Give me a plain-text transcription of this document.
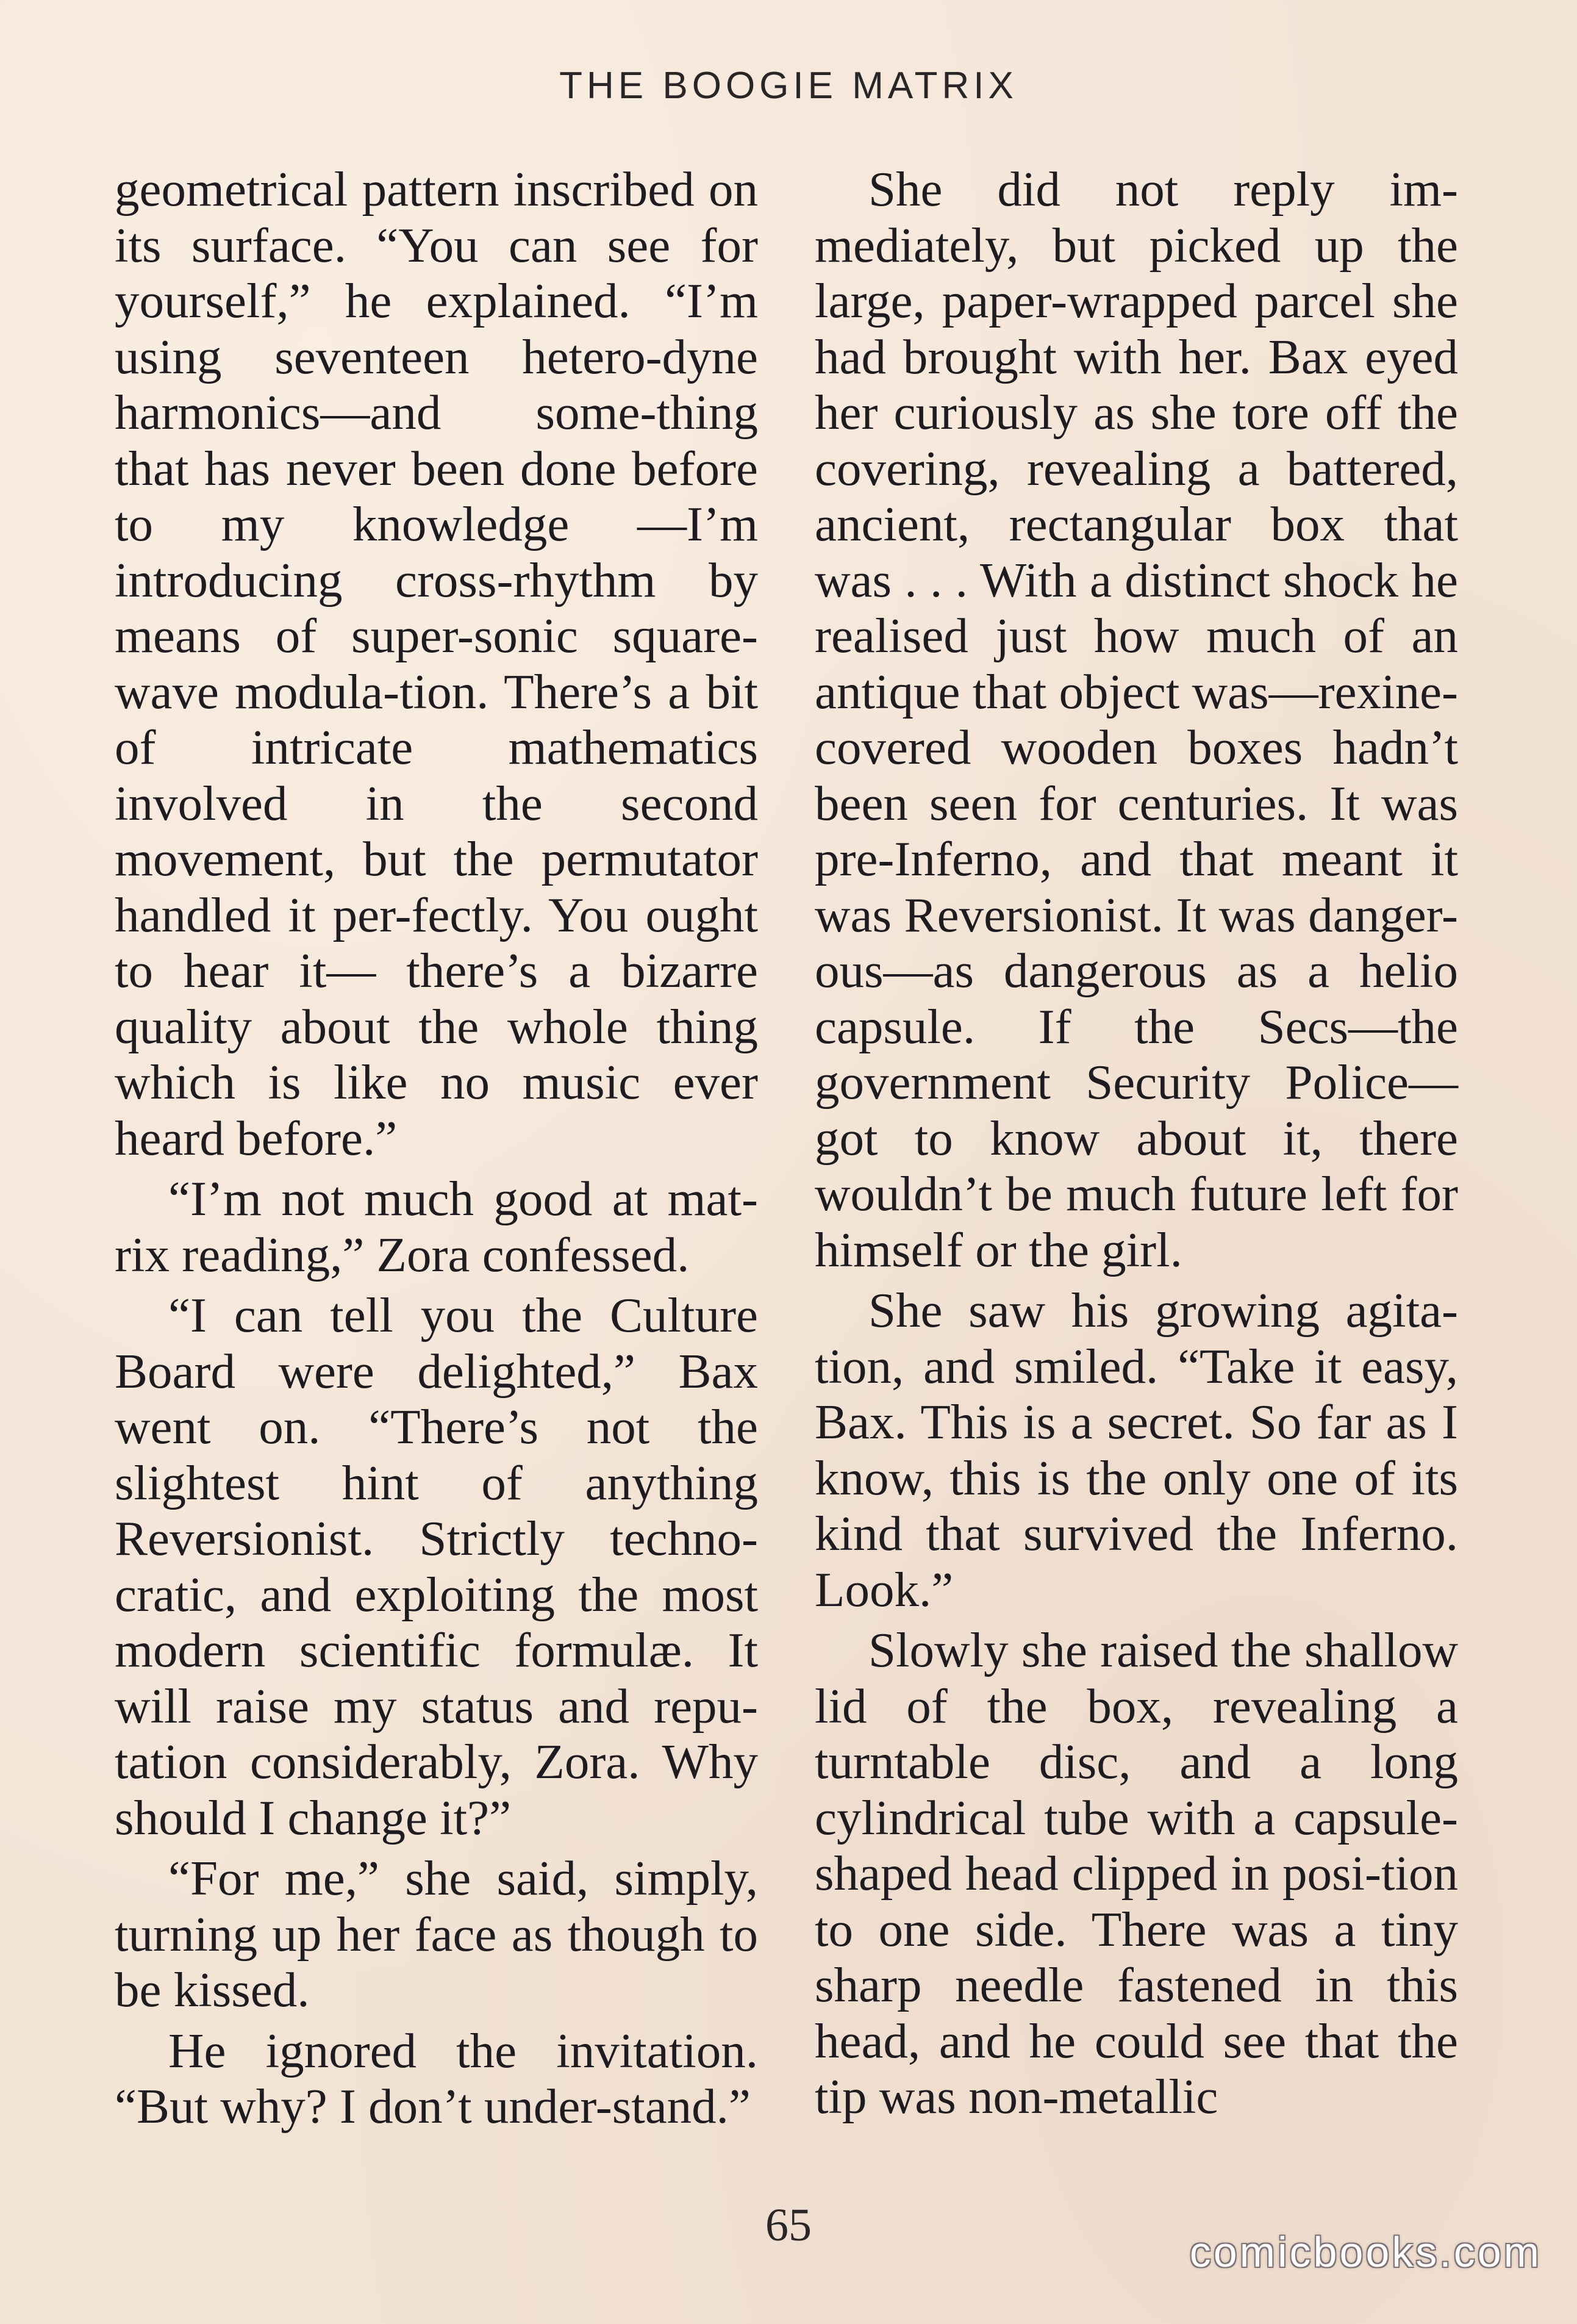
THE BOOGIE MATRIX

geometrical pattern inscribed on its surface. “You can see for yourself,” he explained. “I’m using seventeen hetero-dyne harmonics—and some-thing that has never been done before to my knowledge —I’m introducing cross-rhythm by means of super-sonic square-wave modula-tion. There’s a bit of intricate mathematics involved in the second movement, but the permutator handled it per-fectly. You ought to hear it— there’s a bizarre quality about the whole thing which is like no music ever heard before.”

“I’m not much good at mat-rix reading,” Zora confessed.

“I can tell you the Culture Board were delighted,” Bax went on. “There’s not the slightest hint of anything Reversionist. Strictly techno-cratic, and exploiting the most modern scientific formulæ. It will raise my status and repu-tation considerably, Zora. Why should I change it?”

“For me,” she said, simply, turning up her face as though to be kissed.

He ignored the invitation. “But why? I don’t under-stand.”

She did not reply im-mediately, but picked up the large, paper-wrapped parcel she had brought with her. Bax eyed her curiously as she tore off the covering, revealing a battered, ancient, rectangular box that was . . . With a distinct shock he realised just how much of an antique that object was—rexine-covered wooden boxes hadn’t been seen for centuries. It was pre-Inferno, and that meant it was Reversionist. It was danger-ous—as dangerous as a helio capsule. If the Secs—the government Security Police— got to know about it, there wouldn’t be much future left for himself or the girl.

She saw his growing agita-tion, and smiled. “Take it easy, Bax. This is a secret. So far as I know, this is the only one of its kind that survived the Inferno. Look.”

Slowly she raised the shallow lid of the box, revealing a turntable disc, and a long cylindrical tube with a capsule-shaped head clipped in posi-tion to one side. There was a tiny sharp needle fastened in this head, and he could see that the tip was non-metallic

65
comicbooks.com
